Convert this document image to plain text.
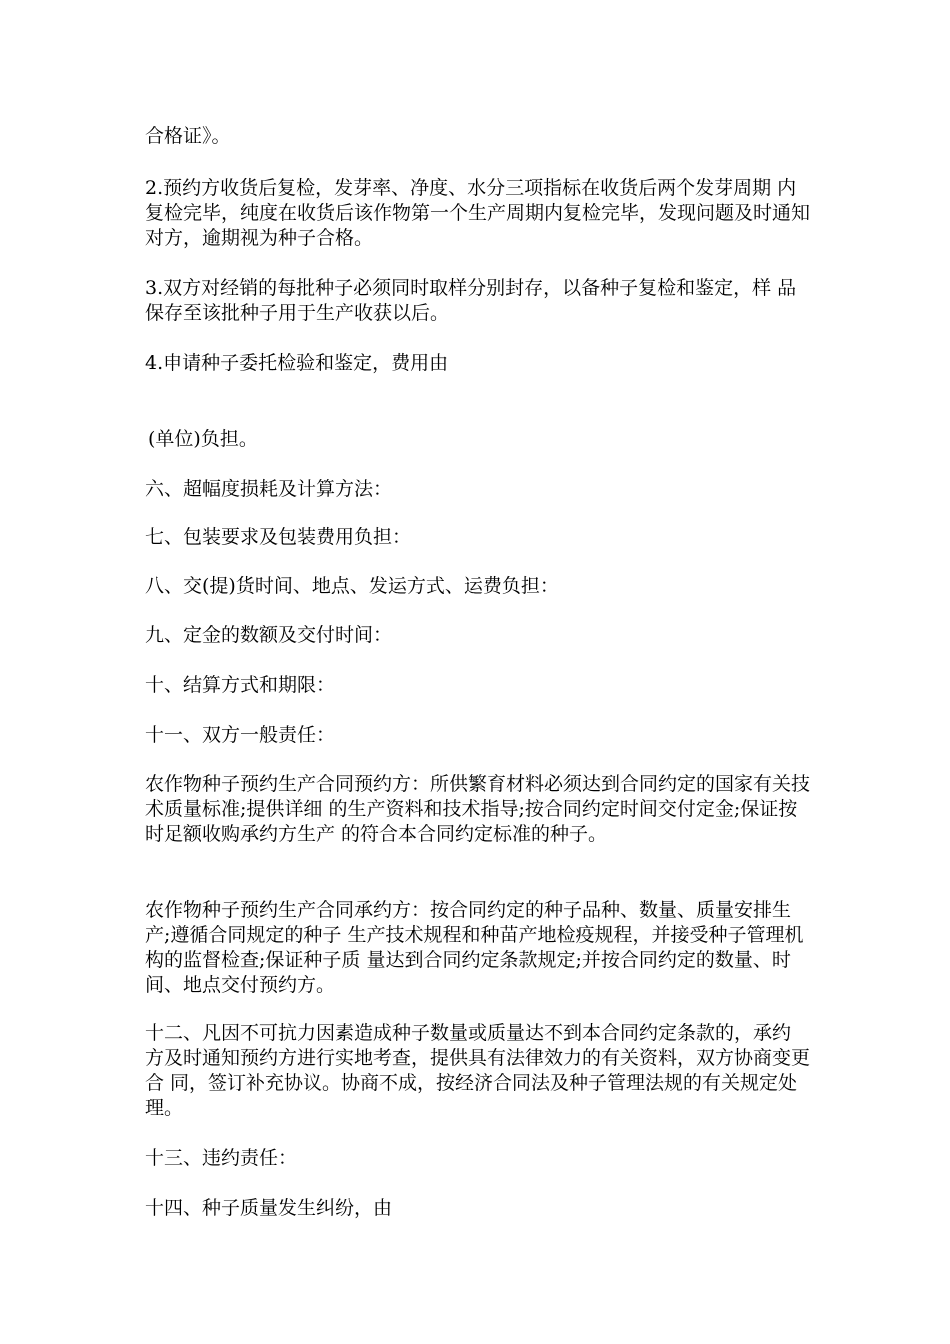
合格证》。

2.预约方收货后复检，发芽率、净度、水分三项指标在收货后两个发芽周期 内复检完毕，纯度在收货后该作物第一个生产周期内复检完毕，发现问题及时通知 对方，逾期视为种子合格。

3.双方对经销的每批种子必须同时取样分别封存，以备种子复检和鉴定，样 品保存至该批种子用于生产收获以后。

4.申请种子委托检验和鉴定，费用由

(单位)负担。

六、超幅度损耗及计算方法：

七、包装要求及包装费用负担：

八、交(提)货时间、地点、发运方式、运费负担：

九、定金的数额及交付时间：

十、结算方式和期限：

十一、双方一般责任：

农作物种子预约生产合同预约方：所供繁育材料必须达到合同约定的国家有关技术质量标准;提供详细 的生产资料和技术指导;按合同约定时间交付定金;保证按时足额收购承约方生产 的符合本合同约定标准的种子。

农作物种子预约生产合同承约方：按合同约定的种子品种、数量、质量安排生产;遵循合同规定的种子 生产技术规程和种苗产地检疫规程，并接受种子管理机构的监督检查;保证种子质 量达到合同约定条款规定;并按合同约定的数量、时间、地点交付预约方。

十二、凡因不可抗力因素造成种子数量或质量达不到本合同约定条款的，承约 方及时通知预约方进行实地考查，提供具有法律效力的有关资料，双方协商变更合 同，签订补充协议。协商不成，按经济合同法及种子管理法规的有关规定处理。

十三、违约责任：

十四、种子质量发生纠纷，由
